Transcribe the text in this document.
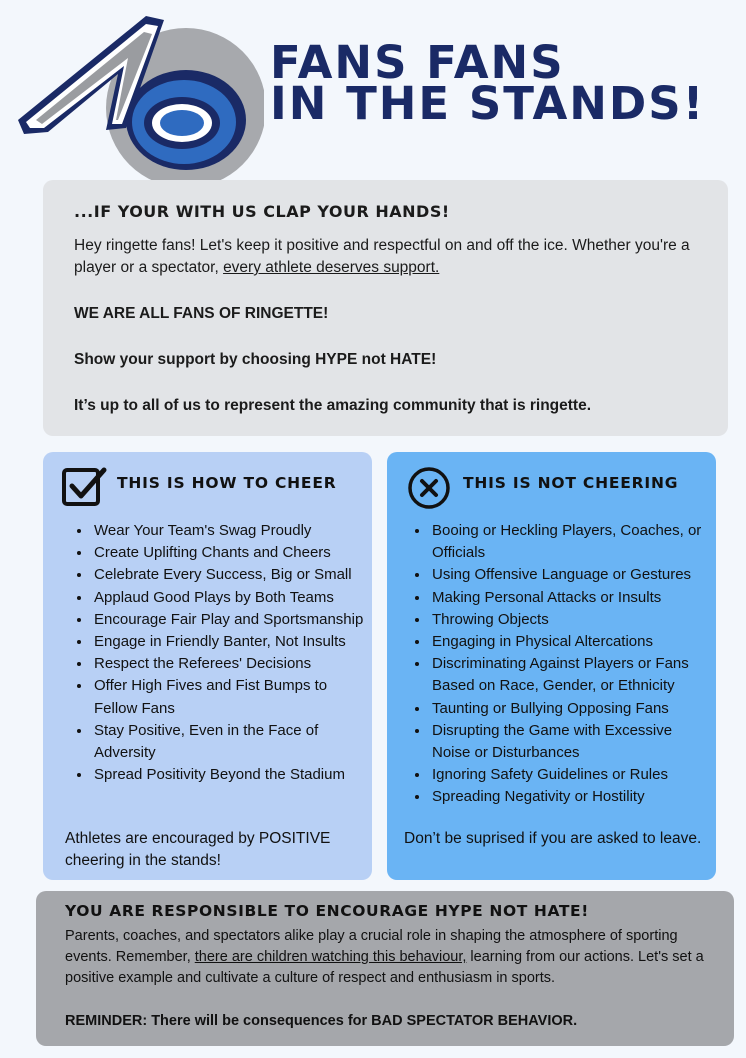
FANS FANS
IN THE STANDS!
...IF YOUR WITH US CLAP YOUR HANDS!

Hey ringette fans! Let's keep it positive and respectful on and off the ice. Whether you're a player or a spectator, every athlete deserves support.

WE ARE ALL FANS OF RINGETTE!

Show your support by choosing HYPE not HATE!

It’s up to all of us to represent the amazing community that is ringette.

THIS IS HOW TO CHEER
• Wear Your Team's Swag Proudly
• Create Uplifting Chants and Cheers
• Celebrate Every Success, Big or Small
• Applaud Good Plays by Both Teams
• Encourage Fair Play and Sportsmanship
• Engage in Friendly Banter, Not Insults
• Respect the Referees' Decisions
• Offer High Fives and Fist Bumps to Fellow Fans
• Stay Positive, Even in the Face of Adversity
• Spread Positivity Beyond the Stadium
Athletes are encouraged by POSITIVE cheering in the stands!
THIS IS NOT CHEERING
• Booing or Heckling Players, Coaches, or Officials
• Using Offensive Language or Gestures
• Making Personal Attacks or Insults
• Throwing Objects
• Engaging in Physical Altercations
• Discriminating Against Players or Fans Based on Race, Gender, or Ethnicity
• Taunting or Bullying Opposing Fans
• Disrupting the Game with Excessive Noise or Disturbances
• Ignoring Safety Guidelines or Rules
• Spreading Negativity or Hostility
Don’t be suprised if you are asked to leave.
YOU ARE RESPONSIBLE TO ENCOURAGE HYPE NOT HATE!

Parents, coaches, and spectators alike play a crucial role in shaping the atmosphere of sporting events. Remember, there are children watching this behaviour, learning from our actions. Let's set a positive example and cultivate a culture of respect and enthusiasm in sports.

REMINDER: There will be consequences for BAD SPECTATOR BEHAVIOR.
